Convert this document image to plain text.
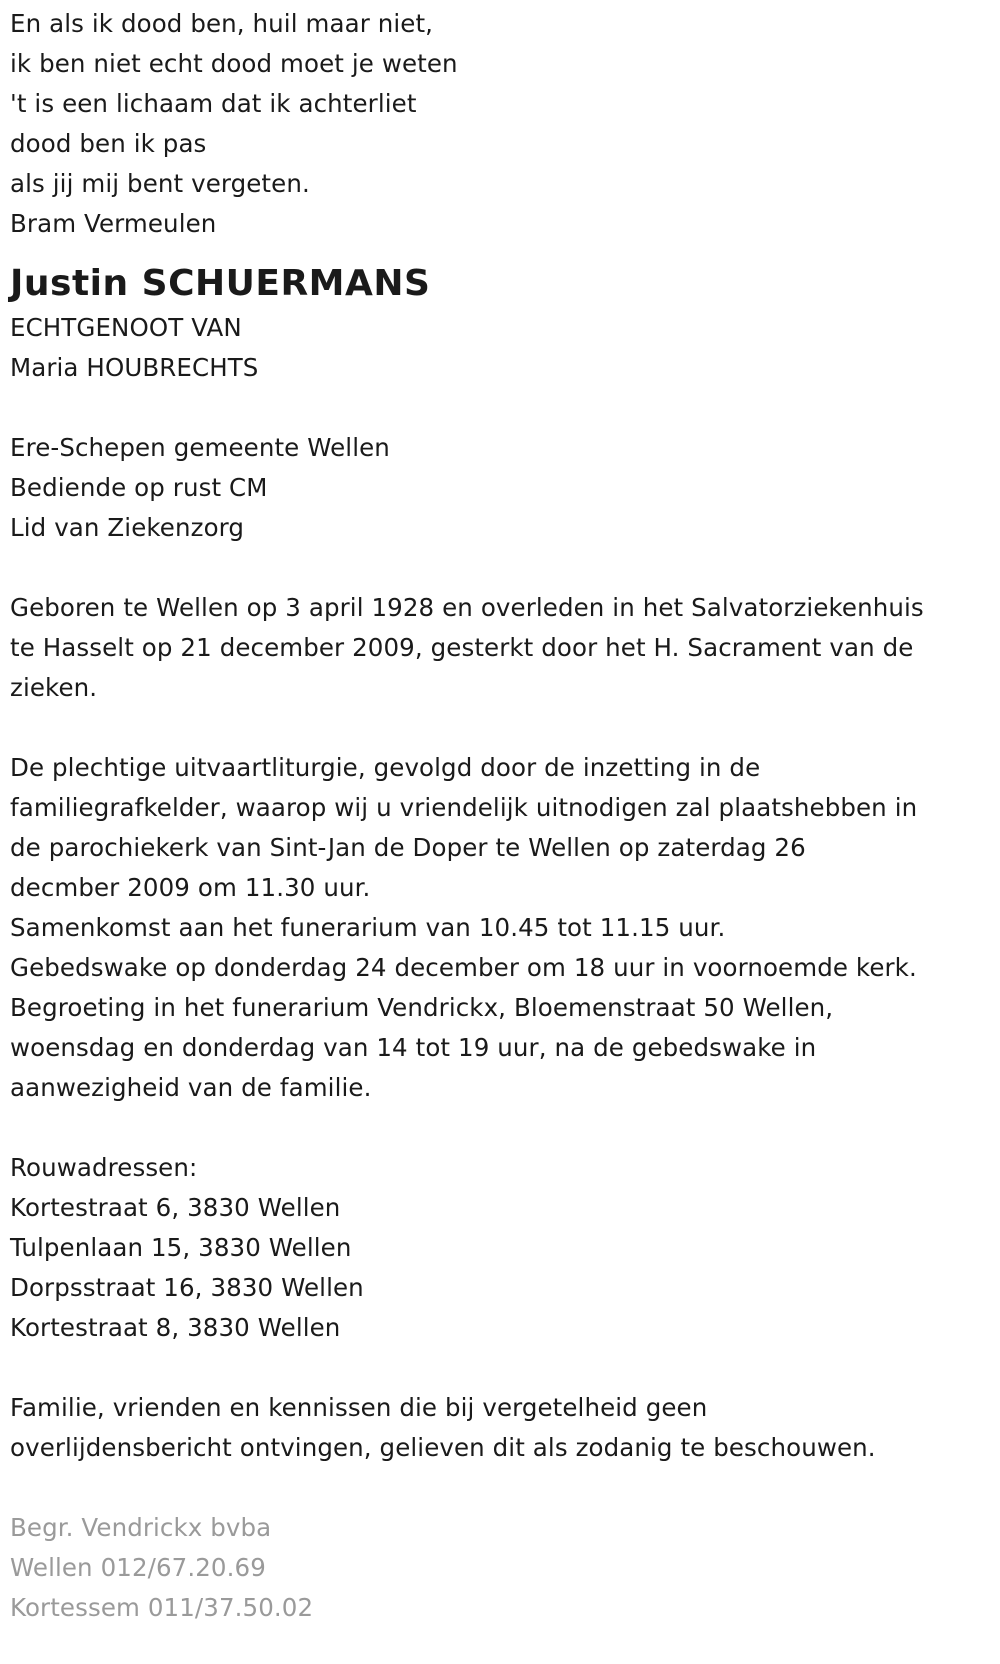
En als ik dood ben, huil maar niet,
ik ben niet echt dood moet je weten
't is een lichaam dat ik achterliet
dood ben ik pas
als jij mij bent vergeten.
Bram Vermeulen
Justin SCHUERMANS
ECHTGENOOT VAN
Maria HOUBRECHTS
Ere-Schepen gemeente Wellen
Bediende op rust CM
Lid van Ziekenzorg
Geboren te Wellen op 3 april 1928 en overleden in het Salvatorziekenhuis
te Hasselt op 21 december 2009, gesterkt door het H. Sacrament van de
zieken.
De plechtige uitvaartliturgie, gevolgd door de inzetting in de
familiegrafkelder, waarop wij u vriendelijk uitnodigen zal plaatshebben in
de parochiekerk van Sint-Jan de Doper te Wellen op zaterdag 26
decmber 2009 om 11.30 uur.
Samenkomst aan het funerarium van 10.45 tot 11.15 uur.
Gebedswake op donderdag 24 december om 18 uur in voornoemde kerk.
Begroeting in het funerarium Vendrickx, Bloemenstraat 50 Wellen,
woensdag en donderdag van 14 tot 19 uur, na de gebedswake in
aanwezigheid van de familie.
Rouwadressen:
Kortestraat 6, 3830 Wellen
Tulpenlaan 15, 3830 Wellen
Dorpsstraat 16, 3830 Wellen
Kortestraat 8, 3830 Wellen
Familie, vrienden en kennissen die bij vergetelheid geen
overlijdensbericht ontvingen, gelieven dit als zodanig te beschouwen.
Begr. Vendrickx bvba
Wellen 012/67.20.69
Kortessem 011/37.50.02
